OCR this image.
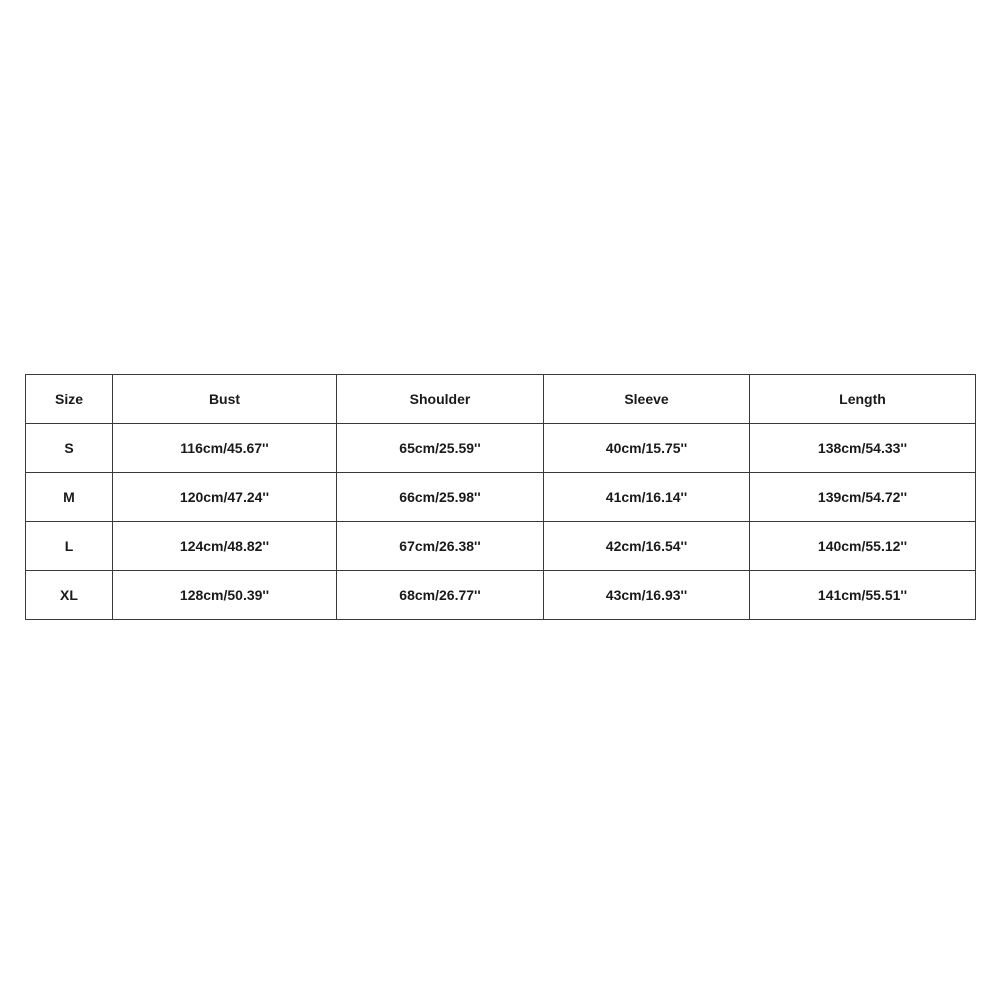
Size	Bust	Shoulder	Sleeve	Length
S	116cm/45.67''	65cm/25.59''	40cm/15.75''	138cm/54.33''
M	120cm/47.24''	66cm/25.98''	41cm/16.14''	139cm/54.72''
L	124cm/48.82''	67cm/26.38''	42cm/16.54''	140cm/55.12''
XL	128cm/50.39''	68cm/26.77''	43cm/16.93''	141cm/55.51''
